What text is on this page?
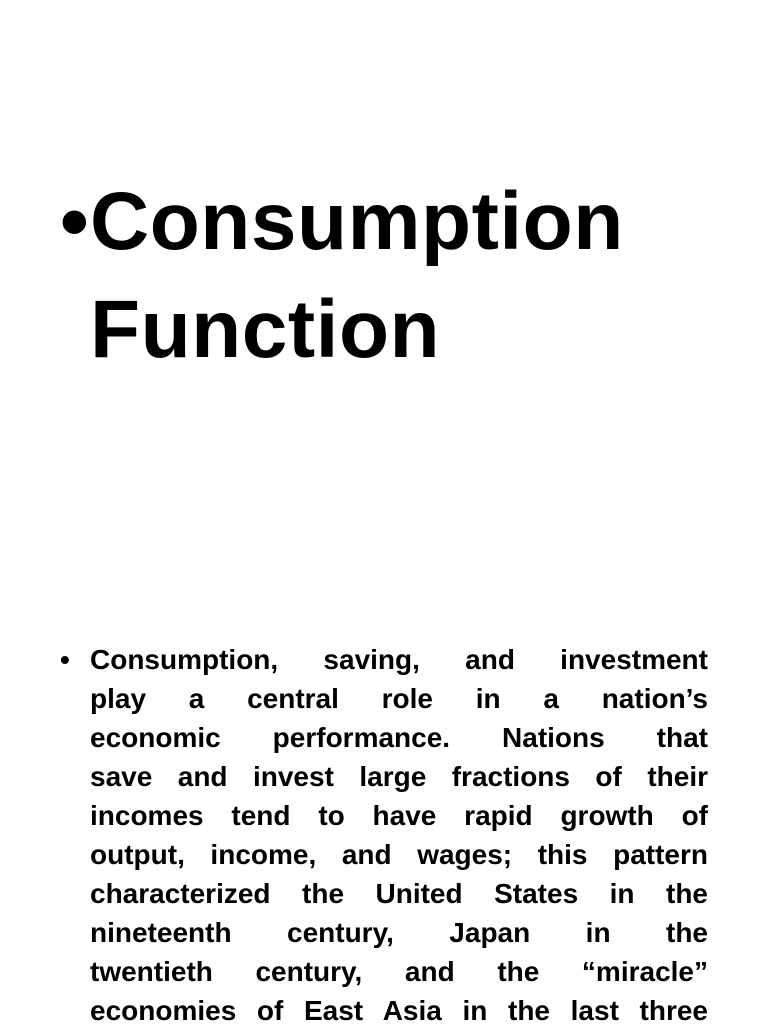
• Consumption
Function
• Consumption, saving, and investment
play a central role in a nation’s
economic performance. Nations that
save and invest large fractions of their
incomes tend to have rapid growth of
output, income, and wages; this pattern
characterized the United States in the
nineteenth century, Japan in the
twentieth century, and the “miracle”
economies of East Asia in the last three
